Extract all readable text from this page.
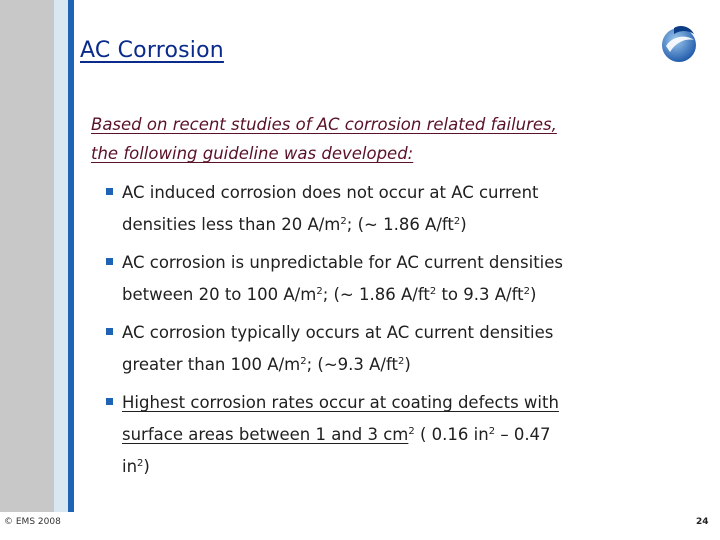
AC Corrosion
Based on recent studies of AC corrosion related failures,
the following guideline was developed:
AC induced corrosion does not occur at AC current
densities less than 20 $A/m^2$; (~ 1.86 $A/ft^2$)
AC corrosion is unpredictable for AC current densities
between 20 to 100 $A/m^2$; (~ 1.86 $A/ft^2$ to 9.3 $A/ft^2$)
AC corrosion typically occurs at AC current densities
greater than 100 $A/m^2$; (~9.3 $A/ft^2$)
Highest corrosion rates occur at coating defects with
surface areas between 1 and 3 $cm^2$ ( 0.16 $in^2 - 0.47$
$in^2$)
© EMS 2008	24
